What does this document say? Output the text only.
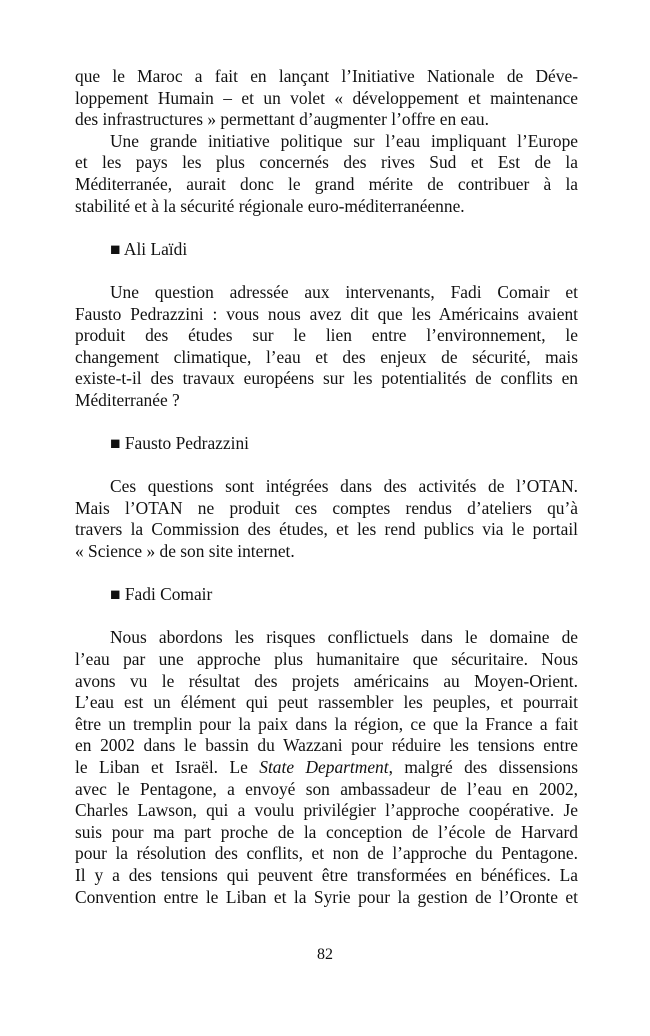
que le Maroc a fait en lançant l’Initiative Nationale de Déve-
loppement Humain – et un volet « développement et maintenance
des infrastructures » permettant d’augmenter l’offre en eau.
Une grande initiative politique sur l’eau impliquant l’Europe
et les pays les plus concernés des rives Sud et Est de la
Méditerranée, aurait donc le grand mérite de contribuer à la
stabilité et à la sécurité régionale euro-méditerranéenne.
■ Ali Laïdi
Une question adressée aux intervenants, Fadi Comair et
Fausto Pedrazzini : vous nous avez dit que les Américains avaient
produit des études sur le lien entre l’environnement, le
changement climatique, l’eau et des enjeux de sécurité, mais
existe-t-il des travaux européens sur les potentialités de conflits en
Méditerranée ?
■ Fausto Pedrazzini
Ces questions sont intégrées dans des activités de l’OTAN.
Mais l’OTAN ne produit ces comptes rendus d’ateliers qu’à
travers la Commission des études, et les rend publics via le portail
« Science » de son site internet.
■ Fadi Comair
Nous abordons les risques conflictuels dans le domaine de
l’eau par une approche plus humanitaire que sécuritaire. Nous
avons vu le résultat des projets américains au Moyen-Orient.
L’eau est un élément qui peut rassembler les peuples, et pourrait
être un tremplin pour la paix dans la région, ce que la France a fait
en 2002 dans le bassin du Wazzani pour réduire les tensions entre
le Liban et Israël. Le State Department, malgré des dissensions
avec le Pentagone, a envoyé son ambassadeur de l’eau en 2002,
Charles Lawson, qui a voulu privilégier l’approche coopérative. Je
suis pour ma part proche de la conception de l’école de Harvard
pour la résolution des conflits, et non de l’approche du Pentagone.
Il y a des tensions qui peuvent être transformées en bénéfices. La
Convention entre le Liban et la Syrie pour la gestion de l’Oronte et
82
